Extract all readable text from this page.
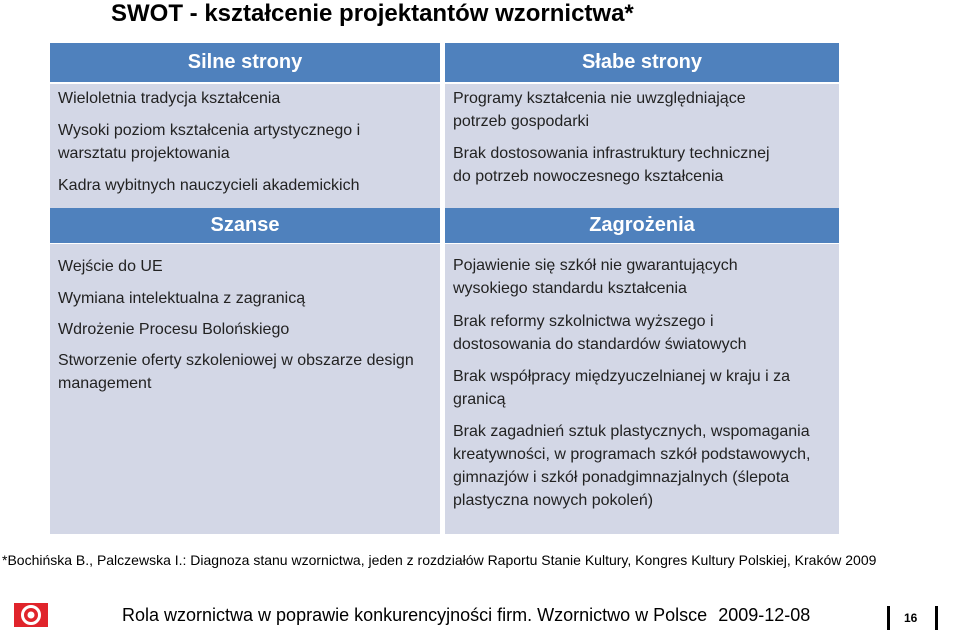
SWOT - kształcenie projektantów wzornictwa*
Silne strony
Wieloletnia tradycja kształcenia
Wysoki poziom kształcenia artystycznego i warsztatu projektowania
Kadra wybitnych nauczycieli akademickich
Słabe strony
Programy kształcenia nie uwzględniające potrzeb gospodarki
Brak dostosowania infrastruktury technicznej do potrzeb nowoczesnego kształcenia
Szanse
Wejście do UE
Wymiana intelektualna z zagranicą
Wdrożenie Procesu Bolońskiego
Stworzenie oferty szkoleniowej w obszarze design management
Zagrożenia
Pojawienie się szkół nie gwarantujących wysokiego standardu kształcenia
Brak reformy szkolnictwa wyższego i dostosowania do standardów światowych
Brak współpracy międzyuczelnianej w kraju i za granicą
Brak zagadnień sztuk plastycznych, wspomagania kreatywności, w programach szkół podstawowych, gimnazjów i szkół ponadgimnazjalnych (ślepota plastyczna nowych pokoleń)
*Bochińska B., Palczewska I.: Diagnoza stanu wzornictwa, jeden z rozdziałów Raportu Stanie Kultury, Kongres Kultury Polskiej, Kraków 2009
Rola wzornictwa w poprawie konkurencyjności firm. Wzornictwo w Polsce 2009-12-08	16
